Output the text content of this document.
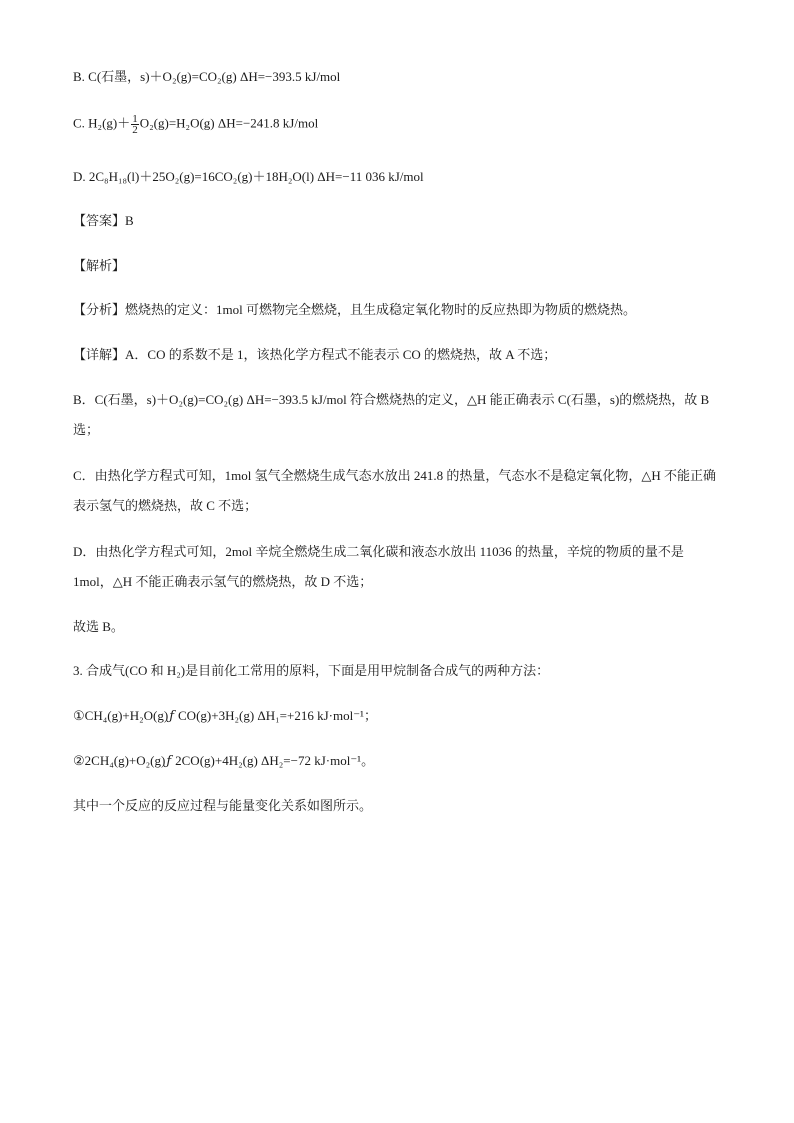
B. C(石墨，s)＋O₂(g)=CO₂(g) ΔH=−393.5 kJ/mol
C. $H_2(g)+ \frac{1}{2} O_2(g)=H_2O(g)$ ΔH=−241.8 kJ/mol
D. 2C₈H₁₈(l)＋25O₂(g)=16CO₂(g)＋18H₂O(l) ΔH=−11 036 kJ/mol
【答案】B
【解析】
【分析】燃烧热的定义：1mol 可燃物完全燃烧，且生成稳定氧化物时的反应热即为物质的燃烧热。
【详解】A．CO 的系数不是 1，该热化学方程式不能表示 CO 的燃烧热，故 A 不选；
B．C(石墨，s)＋O₂(g)=CO₂(g) ΔH=−393.5 kJ/mol 符合燃烧热的定义，△H 能正确表示 C(石墨，s)的燃烧热，故 B 选；
C．由热化学方程式可知，1mol 氢气全燃烧生成气态水放出 241.8 的热量，气态水不是稳定氧化物，△H 不能正确表示氢气的燃烧热，故 C 不选；
D．由热化学方程式可知，2mol 辛烷全燃烧生成二氧化碳和液态水放出 11036 的热量，辛烷的物质的量不是 1mol，△H 不能正确表示氢气的燃烧热，故 D 不选；
故选 B。
3. 合成气(CO 和 H₂)是目前化工常用的原料，下面是用甲烷制备合成气的两种方法：
①CH₄(g)+H₂O(g)ƒ CO(g)+3H₂(g) ΔH₁=+216 kJ·mol⁻¹；
②2CH₄(g)+O₂(g)ƒ 2CO(g)+4H₂(g) ΔH₂=−72 kJ·mol⁻¹。
其中一个反应的反应过程与能量变化关系如图所示。
